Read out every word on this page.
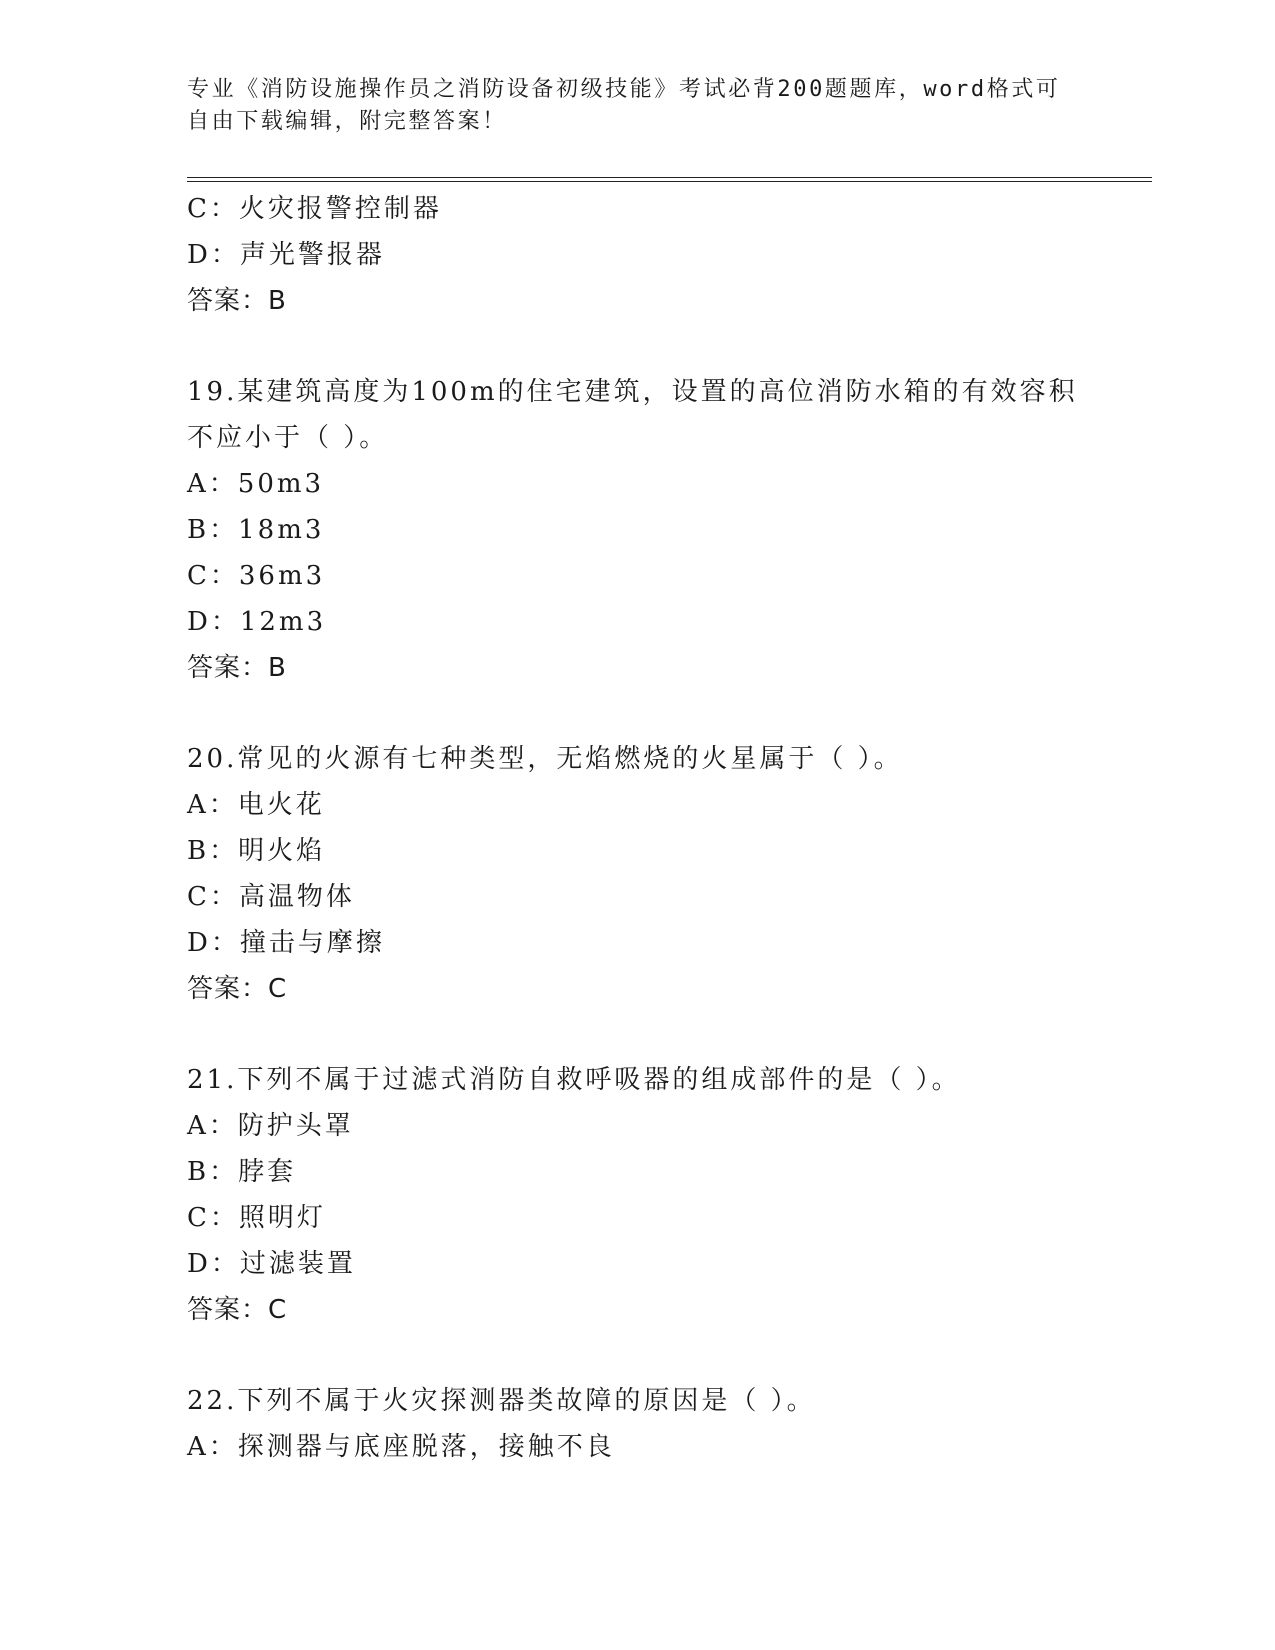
专业《消防设施操作员之消防设备初级技能》考试必背200题题库，word格式可
自由下载编辑，附完整答案！
C：火灾报警控制器
D：声光警报器
答案：B
19.某建筑高度为100m的住宅建筑，设置的高位消防水箱的有效容积
不应小于（ ）。
A：50m3
B：18m3
C：36m3
D：12m3
答案：B
20.常见的火源有七种类型，无焰燃烧的火星属于（ ）。
A：电火花
B：明火焰
C：高温物体
D：撞击与摩擦
答案：C
21.下列不属于过滤式消防自救呼吸器的组成部件的是（ ）。
A：防护头罩
B：脖套
C：照明灯
D：过滤装置
答案：C
22.下列不属于火灾探测器类故障的原因是（ ）。
A：探测器与底座脱落，接触不良
